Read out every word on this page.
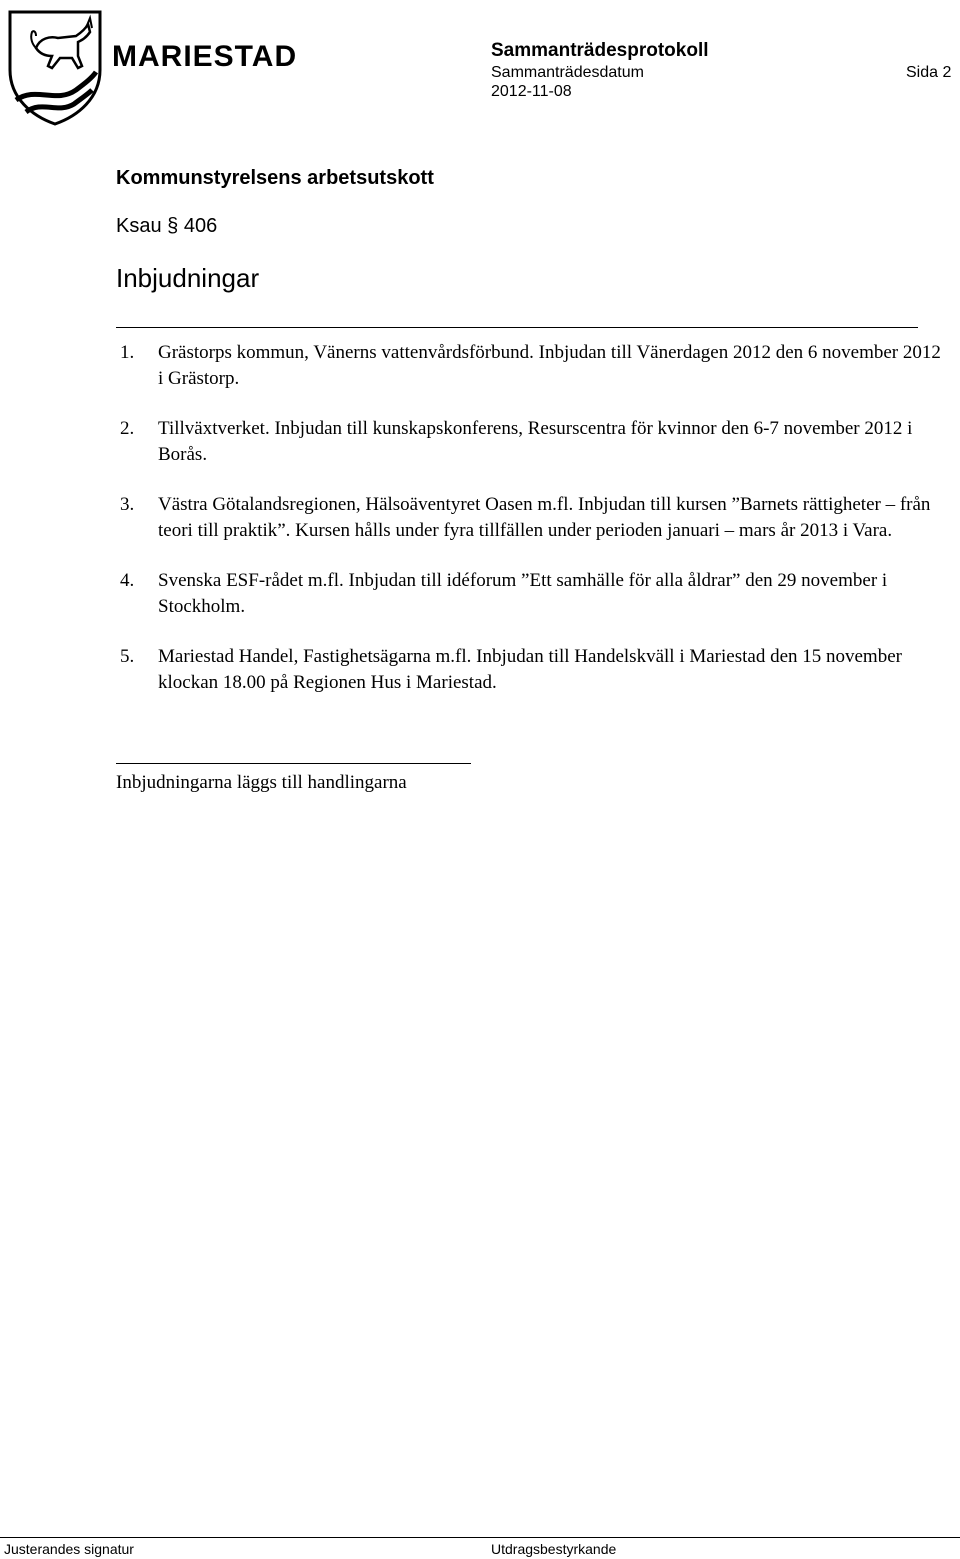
MARIESTAD	Sammanträdesprotokoll
Sammanträdesdatum	Sida 2
2012-11-08
Kommunstyrelsens arbetsutskott
Ksau § 406
Inbjudningar
1. Grästorps kommun, Vänerns vattenvårdsförbund. Inbjudan till Vänerdagen 2012 den 6 november 2012 i Grästorp.
2. Tillväxtverket. Inbjudan till kunskapskonferens, Resurscentra för kvinnor den 6-7 november 2012 i Borås.
3. Västra Götalandsregionen, Hälsoäventyret Oasen m.fl. Inbjudan till kursen ”Barnets rättigheter – från teori till praktik”. Kursen hålls under fyra tillfällen under perioden januari – mars år 2013 i Vara.
4. Svenska ESF-rådet m.fl. Inbjudan till idéforum ”Ett samhälle för alla åldrar” den 29 november i Stockholm.
5. Mariestad Handel, Fastighetsägarna m.fl. Inbjudan till Handelskväll i Mariestad den 15 november klockan 18.00 på Regionen Hus i Mariestad.
Inbjudningarna läggs till handlingarna
Justerandes signatur	Utdragsbestyrkande
